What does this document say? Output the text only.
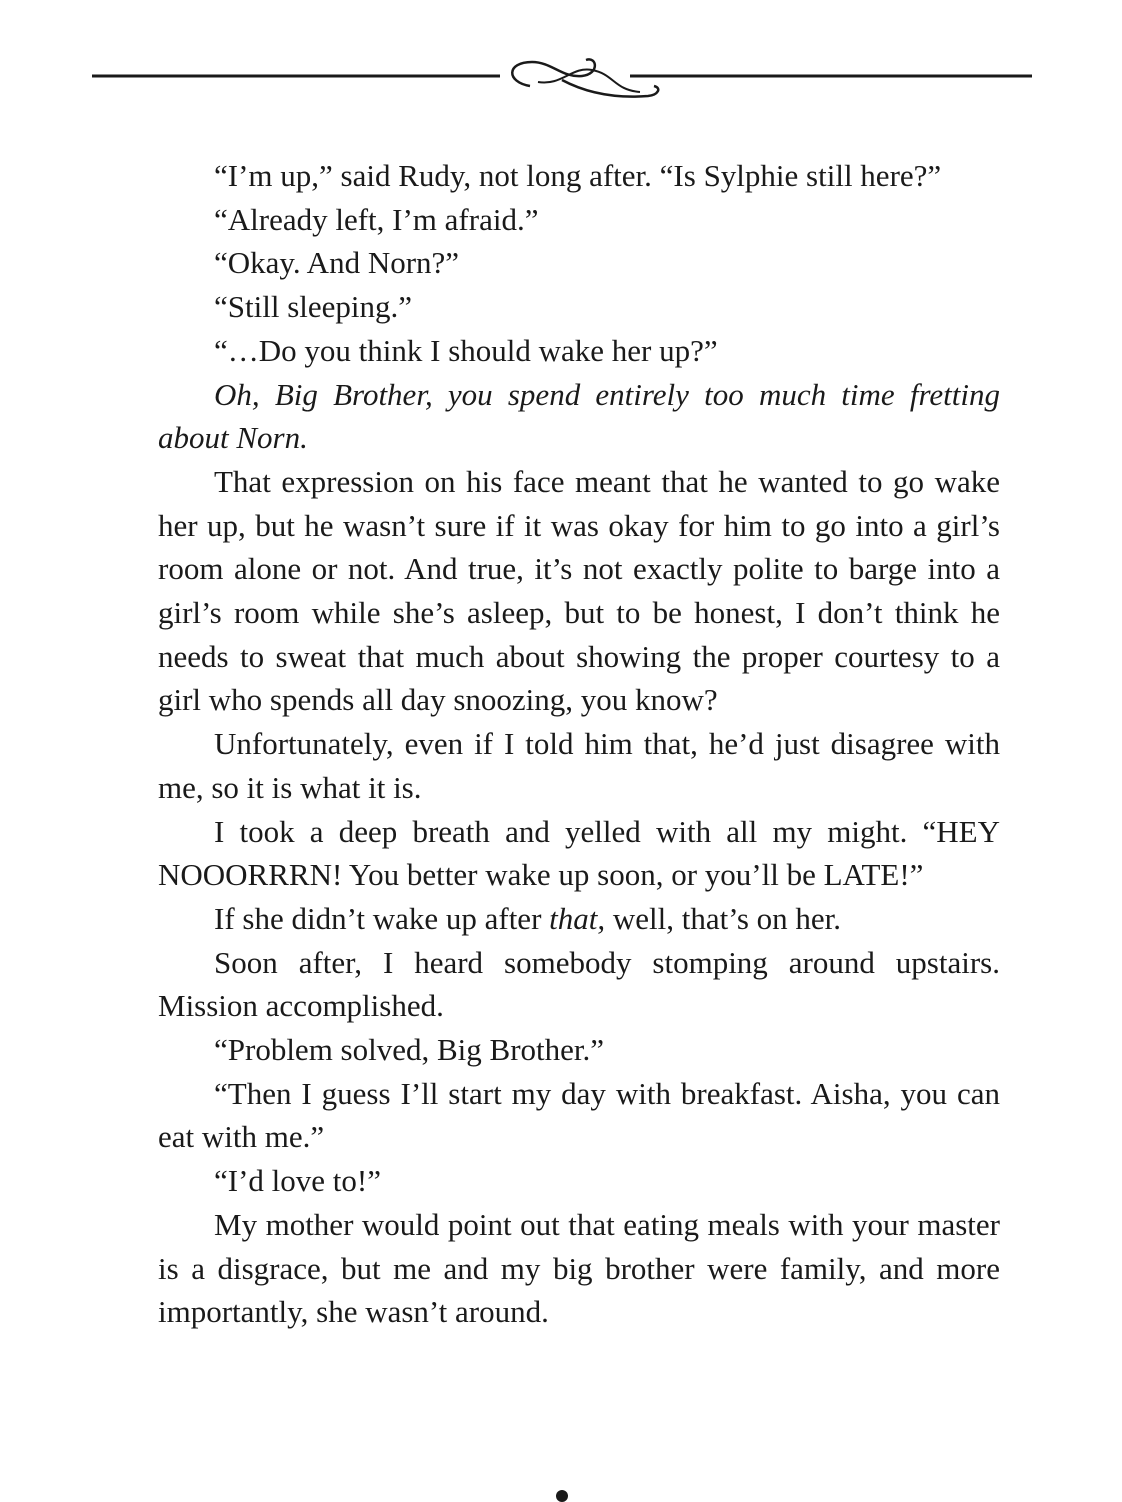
“I’m up,” said Rudy, not long after. “Is Sylphie still here?”

“Already left, I’m afraid.”

“Okay. And Norn?”

“Still sleeping.”

“…Do you think I should wake her up?”

Oh, Big Brother, you spend entirely too much time fretting about Norn.

That expression on his face meant that he wanted to go wake her up, but he wasn’t sure if it was okay for him to go into a girl’s room alone or not. And true, it’s not exactly polite to barge into a girl’s room while she’s asleep, but to be honest, I don’t think he needs to sweat that much about showing the proper courtesy to a girl who spends all day snoozing, you know?

Unfortunately, even if I told him that, he’d just disagree with me, so it is what it is.

I took a deep breath and yelled with all my might. “HEY NOOORRRN! You better wake up soon, or you’ll be LATE!”

If she didn’t wake up after that, well, that’s on her.

Soon after, I heard somebody stomping around upstairs. Mission accomplished.

“Problem solved, Big Brother.”

“Then I guess I’ll start my day with breakfast. Aisha, you can eat with me.”

“I’d love to!”

My mother would point out that eating meals with your master is a disgrace, but me and my big brother were family, and more importantly, she wasn’t around.
